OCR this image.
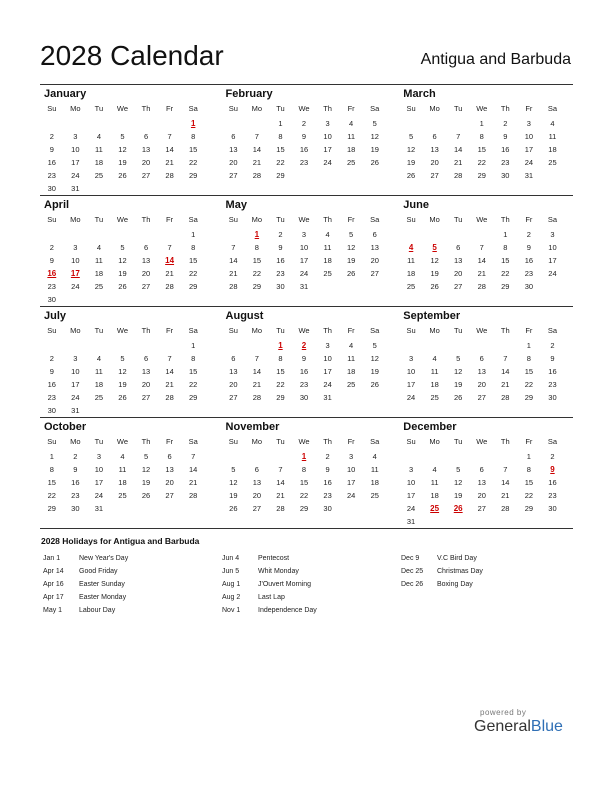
2028 Calendar	Antigua and Barbuda
January
Su	Mo	Tu	We	Th	Fr	Sa
						1
2	3	4	5	6	7	8
9	10	11	12	13	14	15
16	17	18	19	20	21	22
23	24	25	26	27	28	29
30	31					
February
Su	Mo	Tu	We	Th	Fr	Sa
		1	2	3	4	5
6	7	8	9	10	11	12
13	14	15	16	17	18	19
20	21	22	23	24	25	26
27	28	29				

March
Su	Mo	Tu	We	Th	Fr	Sa
			1	2	3	4
5	6	7	8	9	10	11
12	13	14	15	16	17	18
19	20	21	22	23	24	25
26	27	28	29	30	31	

April
Su	Mo	Tu	We	Th	Fr	Sa
						1
2	3	4	5	6	7	8
9	10	11	12	13	14	15
16	17	18	19	20	21	22
23	24	25	26	27	28	29
30						
May
Su	Mo	Tu	We	Th	Fr	Sa
	1	2	3	4	5	6
7	8	9	10	11	12	13
14	15	16	17	18	19	20
21	22	23	24	25	26	27
28	29	30	31			

June
Su	Mo	Tu	We	Th	Fr	Sa
				1	2	3
4	5	6	7	8	9	10
11	12	13	14	15	16	17
18	19	20	21	22	23	24
25	26	27	28	29	30	

July
Su	Mo	Tu	We	Th	Fr	Sa
						1
2	3	4	5	6	7	8
9	10	11	12	13	14	15
16	17	18	19	20	21	22
23	24	25	26	27	28	29
30	31					
August
Su	Mo	Tu	We	Th	Fr	Sa
		1	2	3	4	5
6	7	8	9	10	11	12
13	14	15	16	17	18	19
20	21	22	23	24	25	26
27	28	29	30	31		

September
Su	Mo	Tu	We	Th	Fr	Sa
					1	2
3	4	5	6	7	8	9
10	11	12	13	14	15	16
17	18	19	20	21	22	23
24	25	26	27	28	29	30

October
Su	Mo	Tu	We	Th	Fr	Sa
1	2	3	4	5	6	7
8	9	10	11	12	13	14
15	16	17	18	19	20	21
22	23	24	25	26	27	28
29	30	31				

November
Su	Mo	Tu	We	Th	Fr	Sa
			1	2	3	4
5	6	7	8	9	10	11
12	13	14	15	16	17	18
19	20	21	22	23	24	25
26	27	28	29	30		

December
Su	Mo	Tu	We	Th	Fr	Sa
					1	2
3	4	5	6	7	8	9
10	11	12	13	14	15	16
17	18	19	20	21	22	23
24	25	26	27	28	29	30
31						
2028 Holidays for Antigua and Barbuda
Jan 1	New Year's Day
Apr 14	Good Friday
Apr 16	Easter Sunday
Apr 17	Easter Monday
May 1	Labour Day
Jun 4	Pentecost
Jun 5	Whit Monday
Aug 1	J'Ouvert Morning
Aug 2	Last Lap
Nov 1	Independence Day
Dec 9	V.C Bird Day
Dec 25	Christmas Day
Dec 26	Boxing Day
powered by
GeneralBlue
